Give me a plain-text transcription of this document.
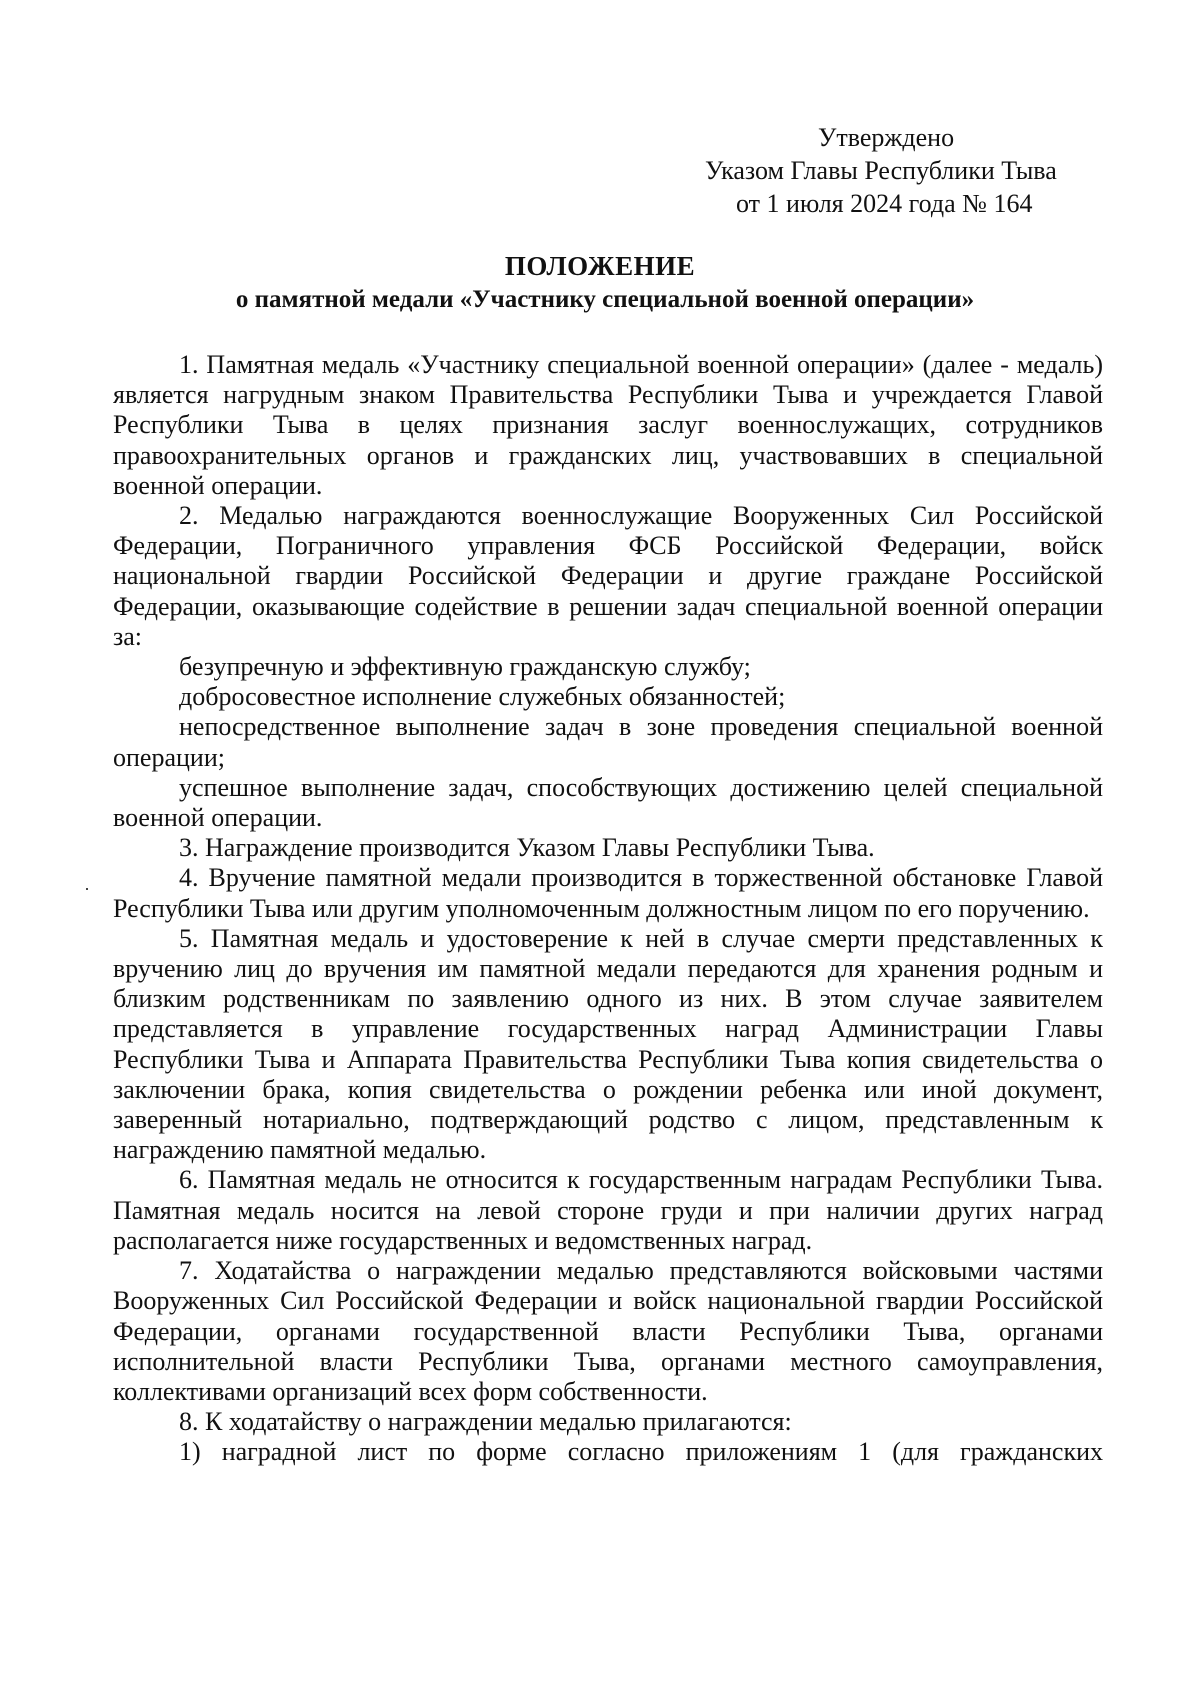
Утверждено
Указом Главы Республики Тыва
от 1 июля 2024 года № 164
ПОЛОЖЕНИЕ
о памятной медали «Участнику специальной военной операции»

1. Памятная медаль «Участнику специальной военной операции» (далее - медаль) является нагрудным знаком Правительства Республики Тыва и учреждается Главой Республики Тыва в целях признания заслуг военнослужащих, сотрудников правоохранительных органов и гражданских лиц, участвовавших в специальной военной операции.

2. Медалью награждаются военнослужащие Вооруженных Сил Российской Федерации, Пограничного управления ФСБ Российской Федерации, войск национальной гвардии Российской Федерации и другие граждане Российской Федерации, оказывающие содействие в решении задач специальной военной операции за:

безупречную и эффективную гражданскую службу;

добросовестное исполнение служебных обязанностей;

непосредственное выполнение задач в зоне проведения специальной военной операции;

успешное выполнение задач, способствующих достижению целей специальной военной операции.

3. Награждение производится Указом Главы Республики Тыва.

4. Вручение памятной медали производится в торжественной обстановке Главой Республики Тыва или другим уполномоченным должностным лицом по его поручению.

5. Памятная медаль и удостоверение к ней в случае смерти представленных к вручению лиц до вручения им памятной медали передаются для хранения родным и близким родственникам по заявлению одного из них. В этом случае заявителем представляется в управление государственных наград Администрации Главы Республики Тыва и Аппарата Правительства Республики Тыва копия свидетельства о заключении брака, копия свидетельства о рождении ребенка или иной документ, заверенный нотариально, подтверждающий родство с лицом, представленным к награждению памятной медалью.

6. Памятная медаль не относится к государственным наградам Республики Тыва. Памятная медаль носится на левой стороне груди и при наличии других наград располагается ниже государственных и ведомственных наград.

7. Ходатайства о награждении медалью представляются войсковыми частями Вооруженных Сил Российской Федерации и войск национальной гвардии Российской Федерации, органами государственной власти Республики Тыва, органами исполнительной власти Республики Тыва, органами местного самоуправления, коллективами организаций всех форм собственности.

8. К ходатайству о награждении медалью прилагаются:

1) наградной лист по форме согласно приложениям 1 (для гражданских
